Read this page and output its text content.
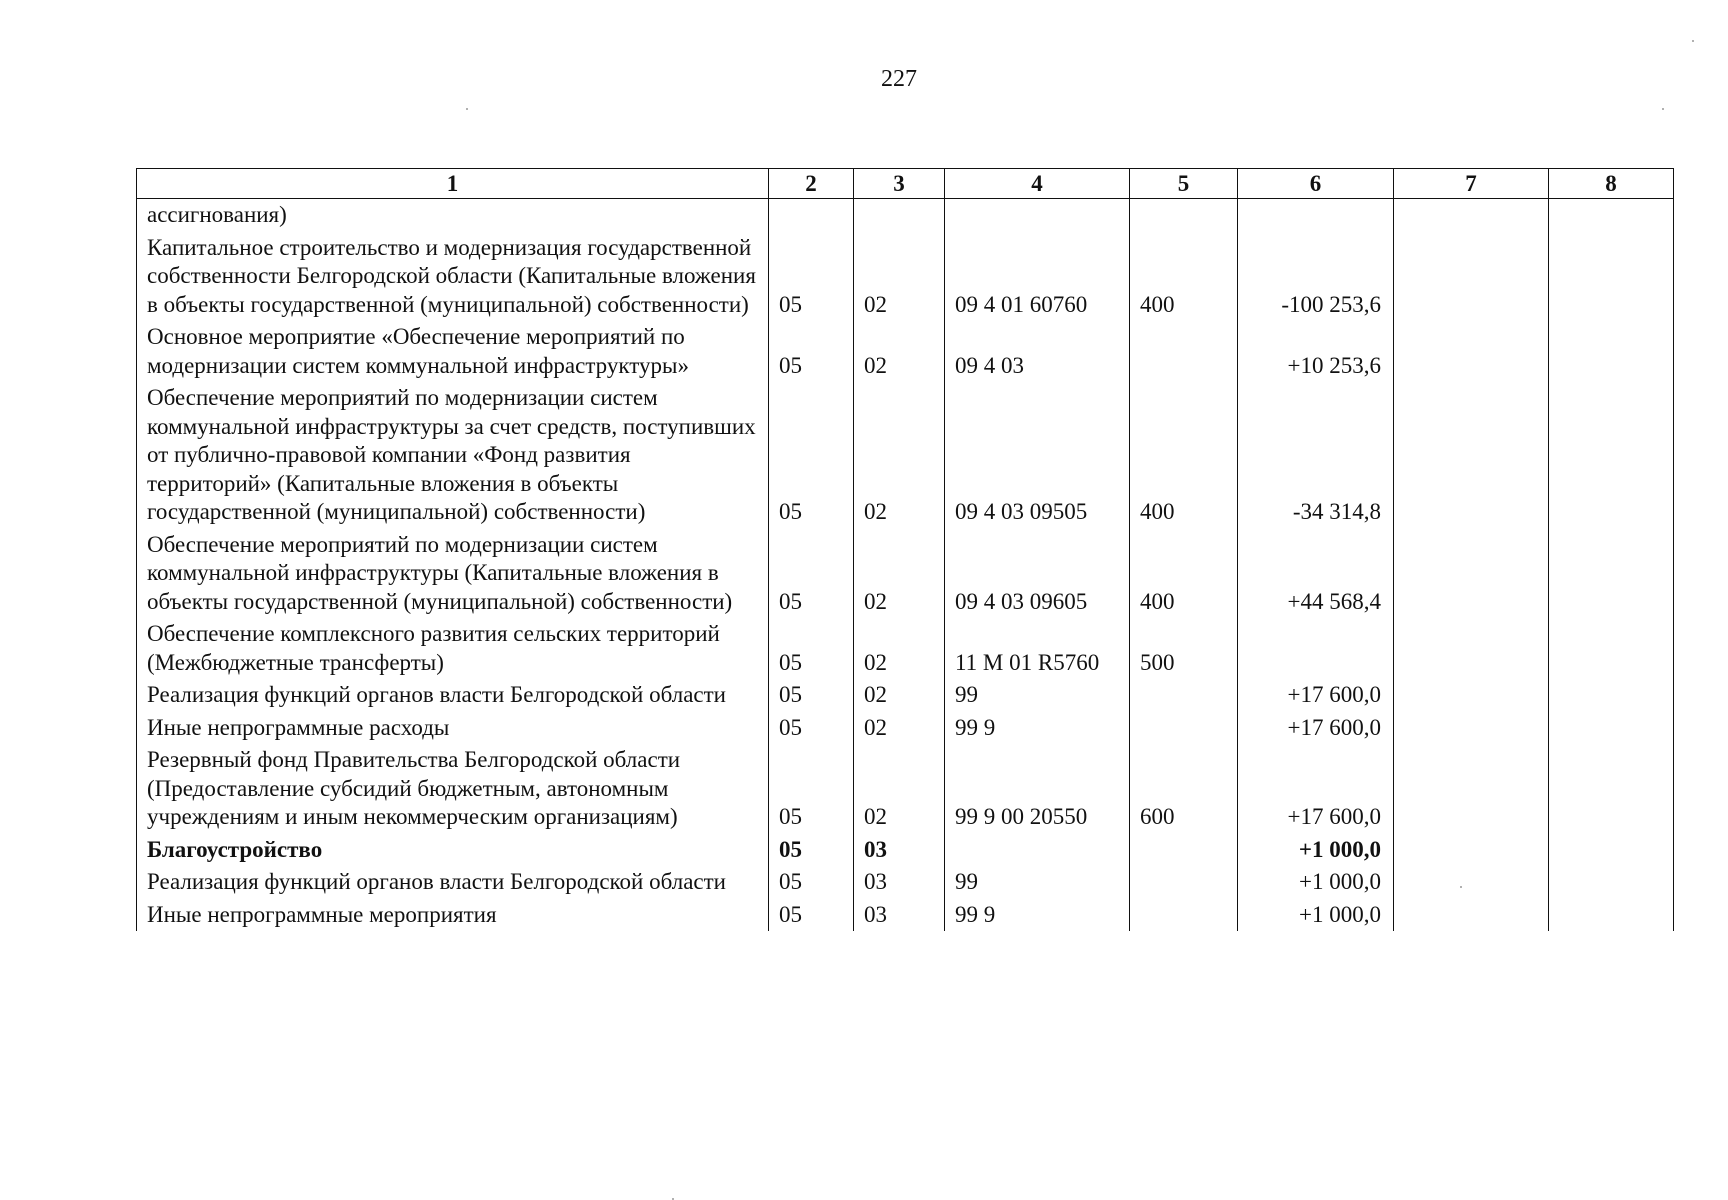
227
1	2	3	4	5	6	7	8
ассигнования)							
Капитальное строительство и модернизация государственной собственности Белгородской области (Капитальные вложения в объекты государственной (муниципальной) собственности)	05	02	09 4 01 60760	400	-100 253,6		
Основное мероприятие «Обеспечение мероприятий по модернизации систем коммунальной инфраструктуры»	05	02	09 4 03		+10 253,6		
Обеспечение мероприятий по модернизации систем коммунальной инфраструктуры за счет средств, поступивших от публично-правовой компании «Фонд развития территорий» (Капитальные вложения в объекты государственной (муниципальной) собственности)	05	02	09 4 03 09505	400	-34 314,8		
Обеспечение мероприятий по модернизации систем коммунальной инфраструктуры (Капитальные вложения в объекты государственной (муниципальной) собственности)	05	02	09 4 03 09605	400	+44 568,4		
Обеспечение комплексного развития сельских территорий (Межбюджетные трансферты)	05	02	11 М 01 R5760	500			
Реализация функций органов власти Белгородской области	05	02	99		+17 600,0		
Иные непрограммные расходы	05	02	99 9		+17 600,0		
Резервный фонд Правительства Белгородской области (Предоставление субсидий бюджетным, автономным учреждениям и иным некоммерческим организациям)	05	02	99 9 00 20550	600	+17 600,0		
Благоустройство	05	03			+1 000,0		
Реализация функций органов власти Белгородской области	05	03	99		+1 000,0		
Иные непрограммные мероприятия	05	03	99 9		+1 000,0		
